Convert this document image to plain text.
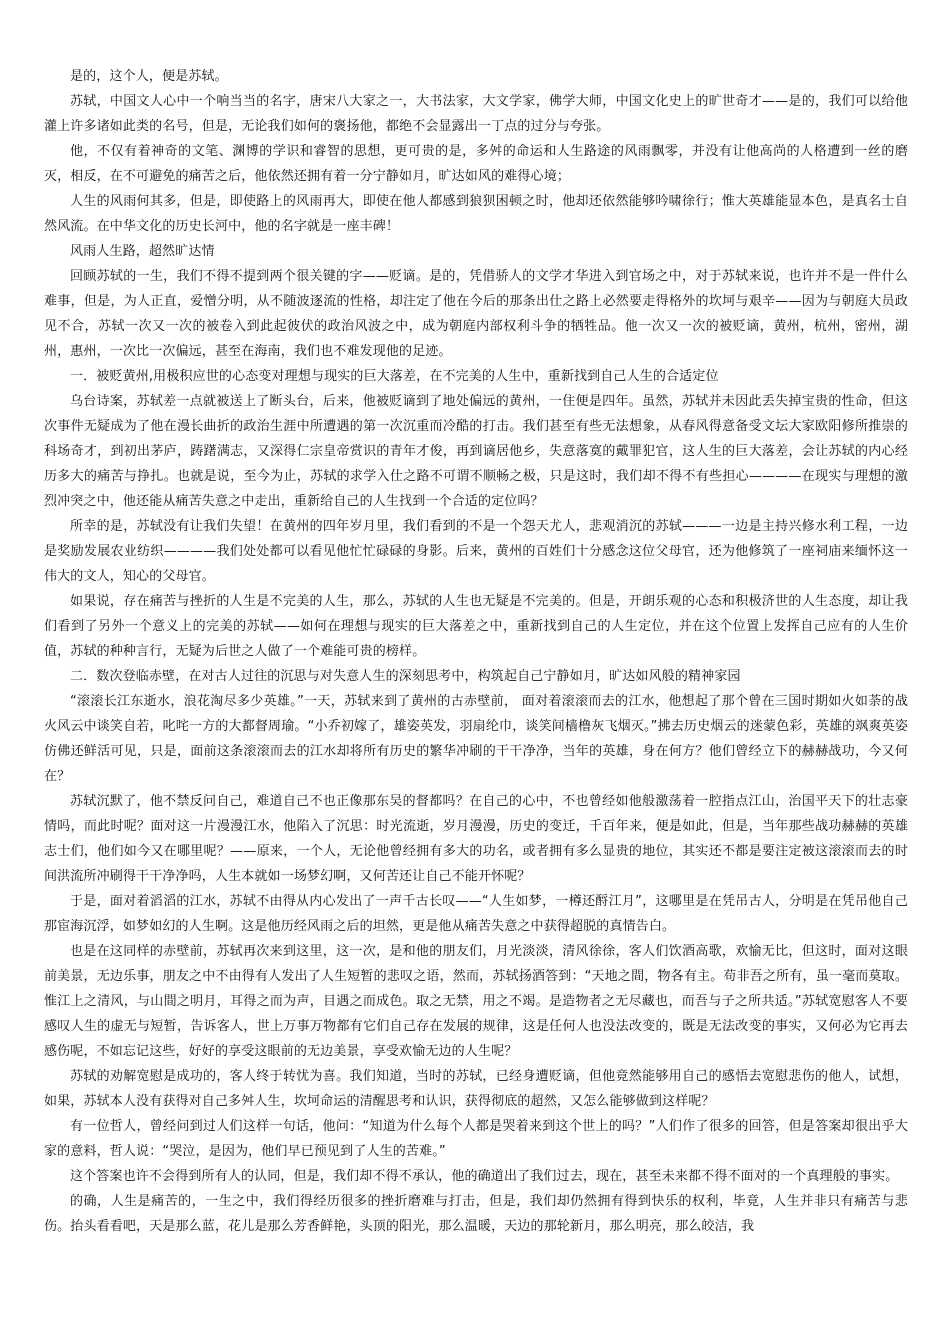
是的，这个人，便是苏轼。

苏轼，中国文人心中一个响当当的名字，唐宋八大家之一，大书法家，大文学家，佛学大师，中国文化史上的旷世奇才——是的，我们可以给他灌上许多诸如此类的名号，但是，无论我们如何的褒扬他，都绝不会显露出一丁点的过分与夸张。

他，不仅有着神奇的文笔、渊博的学识和睿智的思想，更可贵的是，多舛的命运和人生路途的风雨飘零，并没有让他高尚的人格遭到一丝的磨灭，相反，在不可避免的痛苦之后，他依然还拥有着一分宁静如月，旷达如风的难得心境；

人生的风雨何其多，但是，即使路上的风雨再大，即使在他人都感到狼狈困顿之时，他却还依然能够吟啸徐行；惟大英雄能显本色，是真名士自然风流。在中华文化的历史长河中，他的名字就是一座丰碑！

风雨人生路，超然旷达情

回顾苏轼的一生，我们不得不提到两个很关键的字——贬谪。是的，凭借骄人的文学才华进入到官场之中，对于苏轼来说，也许并不是一件什么难事，但是，为人正直，爱憎分明，从不随波逐流的性格，却注定了他在今后的那条出仕之路上必然要走得格外的坎坷与艰辛——因为与朝庭大员政见不合，苏轼一次又一次的被卷入到此起彼伏的政治风波之中，成为朝庭内部权利斗争的牺牲品。他一次又一次的被贬谪，黄州，杭州，密州，湖州，惠州，一次比一次偏远，甚至在海南，我们也不难发现他的足迹。

一．被贬黄州,用极积应世的心态变对理想与现实的巨大落差，在不完美的人生中，重新找到自己人生的合适定位

乌台诗案，苏轼差一点就被送上了断头台，后来，他被贬谪到了地处偏远的黄州，一住便是四年。虽然，苏轼并未因此丢失掉宝贵的性命，但这次事件无疑成为了他在漫长曲折的政治生涯中所遭遇的第一次沉重而冷酷的打击。我们甚至有些无法想象，从春风得意备受文坛大家欧阳修所推崇的科场奇才，到初出茅庐，踌躇满志，又深得仁宗皇帝赏识的青年才俊，再到谪居他乡，失意落寞的戴罪犯官，这人生的巨大落差，会让苏轼的内心经历多大的痛苦与挣扎。也就是说，至今为止，苏轼的求学入仕之路不可谓不顺畅之极，只是这时，我们却不得不有些担心————在现实与理想的激烈冲突之中，他还能从痛苦失意之中走出，重新给自己的人生找到一个合适的定位吗？

所幸的是，苏轼没有让我们失望！在黄州的四年岁月里，我们看到的不是一个怨天尤人，悲观消沉的苏轼———一边是主持兴修水利工程，一边是奖励发展农业纺织————我们处处都可以看见他忙忙碌碌的身影。后来，黄州的百姓们十分感念这位父母官，还为他修筑了一座祠庙来缅怀这一伟大的文人，知心的父母官。

如果说，存在痛苦与挫折的人生是不完美的人生，那么，苏轼的人生也无疑是不完美的。但是，开朗乐观的心态和积极济世的人生态度，却让我们看到了另外一个意义上的完美的苏轼——如何在理想与现实的巨大落差之中，重新找到自己的人生定位，并在这个位置上发挥自己应有的人生价值，苏轼的种种言行，无疑为后世之人做了一个难能可贵的榜样。

二．数次登临赤壁，在对古人过往的沉思与对失意人生的深刻思考中，构筑起自己宁静如月，旷达如风般的精神家园

“滚滚长江东逝水，浪花淘尽多少英雄。”一天，苏轼来到了黄州的古赤壁前， 面对着滚滚而去的江水，他想起了那个曾在三国时期如火如荼的战火风云中谈笑自若，叱咤一方的大都督周瑜。“小乔初嫁了，雄姿英发，羽扇纶巾，谈笑间樯橹灰飞烟灭。”拂去历史烟云的迷蒙色彩，英雄的飒爽英姿仿佛还鲜活可见，只是，面前这条滚滚而去的江水却将所有历史的繁华冲刷的干干净净，当年的英雄，身在何方？他们曾经立下的赫赫战功，今又何在？

苏轼沉默了，他不禁反问自己，难道自己不也正像那东吴的督都吗？在自己的心中，不也曾经如他般激荡着一腔指点江山，治国平天下的壮志豪情吗，而此时呢？面对这一片漫漫江水，他陷入了沉思：时光流逝，岁月漫漫，历史的变迁，千百年来，便是如此，但是，当年那些战功赫赫的英雄志士们，他们如今又在哪里呢？——原来，一个人，无论他曾经拥有多大的功名，或者拥有多么显贵的地位，其实还不都是要注定被这滚滚而去的时间洪流所冲刷得干干净净吗，人生本就如一场梦幻啊，又何苦还让自己不能开怀呢？

于是，面对着滔滔的江水，苏轼不由得从内心发出了一声千古长叹——“人生如梦，一樽还酹江月”，这哪里是在凭吊古人，分明是在凭吊他自己那宦海沉浮，如梦如幻的人生啊。这是他历经风雨之后的坦然，更是他从痛苦失意之中获得超脱的真情告白。

也是在这同样的赤壁前，苏轼再次来到这里，这一次，是和他的朋友们，月光淡淡，清风徐徐，客人们饮酒高歌，欢愉无比，但这时，面对这眼前美景，无边乐事，朋友之中不由得有人发出了人生短暂的悲叹之语，然而，苏轼扬酒答到：“天地之間，物各有主。苟非吾之所有，虽一毫而莫取。惟江上之清风，与山間之明月，耳得之而为声，目遇之而成色。取之无禁，用之不竭。是造物者之无尽藏也，而吾与子之所共适。”苏轼宽慰客人不要感叹人生的虚无与短暂，告诉客人，世上万事万物都有它们自己存在发展的规律，这是任何人也没法改变的，既是无法改变的事实，又何必为它再去感伤呢，不如忘记这些，好好的享受这眼前的无边美景，享受欢愉无边的人生呢？

苏轼的劝解宽慰是成功的，客人终于转忧为喜。我们知道，当时的苏轼，已经身遭贬谪，但他竟然能够用自己的感悟去宽慰悲伤的他人，试想，如果，苏轼本人没有获得对自己多舛人生，坎坷命运的清醒思考和认识，获得彻底的超然，又怎么能够做到这样呢？

有一位哲人，曾经问到过人们这样一句话，他问：“知道为什么每个人都是哭着来到这个世上的吗？”人们作了很多的回答，但是答案却很出乎大家的意料，哲人说：“哭泣，是因为，他们早已预见到了人生的苦难。”

这个答案也许不会得到所有人的认同，但是，我们却不得不承认，他的确道出了我们过去，现在，甚至未来都不得不面对的一个真理般的事实。

的确，人生是痛苦的，一生之中，我们得经历很多的挫折磨难与打击，但是，我们却仍然拥有得到快乐的权利，毕竟，人生并非只有痛苦与悲伤。抬头看看吧，天是那么蓝，花儿是那么芳香鲜艳，头顶的阳光，那么温暖，天边的那轮新月，那么明亮，那么皎洁，我
